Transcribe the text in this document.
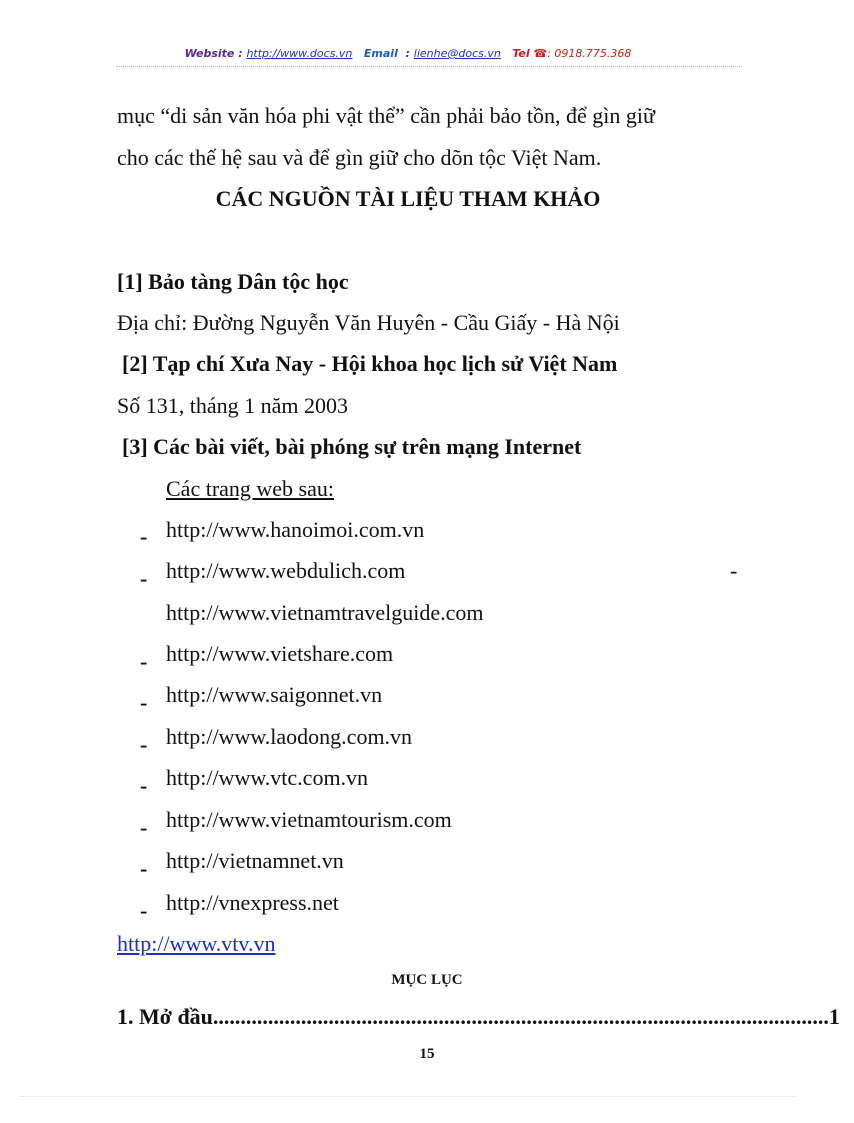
Website : http://www.docs.vn Email : lienhe@docs.vn Tel ☎: 0918.775.368
mục “di sản văn hóa phi vật thể” cần phải bảo tồn, để gìn giữ
cho các thế hệ sau và để gìn giữ cho dõn tộc Việt Nam.
CÁC NGUỒN TÀI LIỆU THAM KHẢO
[1] Bảo tàng Dân tộc học
Địa chỉ: Đường Nguyễn Văn Huyên - Cầu Giấy - Hà Nội
[2] Tạp chí Xưa Nay - Hội khoa học lịch sử Việt Nam
Số 131, tháng 1 năm 2003
[3] Các bài viết, bài phóng sự trên mạng Internet
Các trang web sau:
- http://www.hanoimoi.com.vn
- http://www.webdulich.com	-
http://www.vietnamtravelguide.com
- http://www.vietshare.com
- http://www.saigonnet.vn
- http://www.laodong.com.vn
- http://www.vtc.com.vn
- http://www.vietnamtourism.com
- http://vietnamnet.vn
- http://vnexpress.net
http://www.vtv.vn
MỤC LỤC
1. Mở đầu ................................................................................................................ 1
15
